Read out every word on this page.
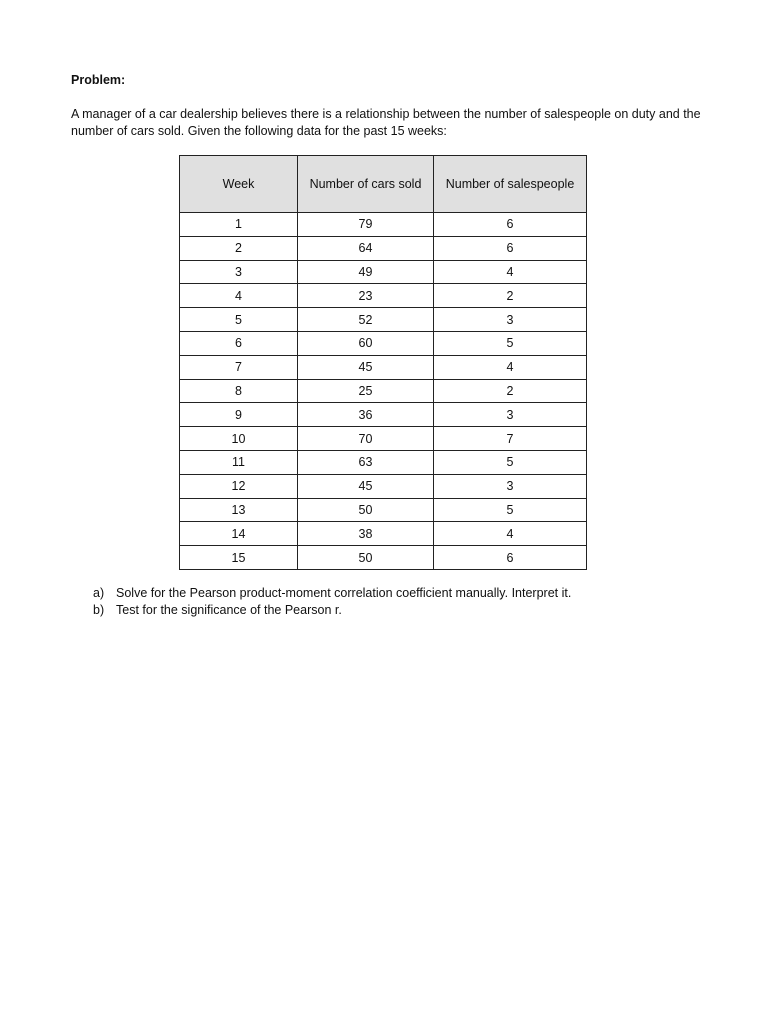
Problem:

A manager of a car dealership believes there is a relationship between the number of salespeople on duty and the number of cars sold. Given the following data for the past 15 weeks:

Week	Number of cars sold	Number of salespeople
1	79	6
2	64	6
3	49	4
4	23	2
5	52	3
6	60	5
7	45	4
8	25	2
9	36	3
10	70	7
11	63	5
12	45	3
13	50	5
14	38	4
15	50	6
a) Solve for the Pearson product-moment correlation coefficient manually. Interpret it.
b) Test for the significance of the Pearson r.
